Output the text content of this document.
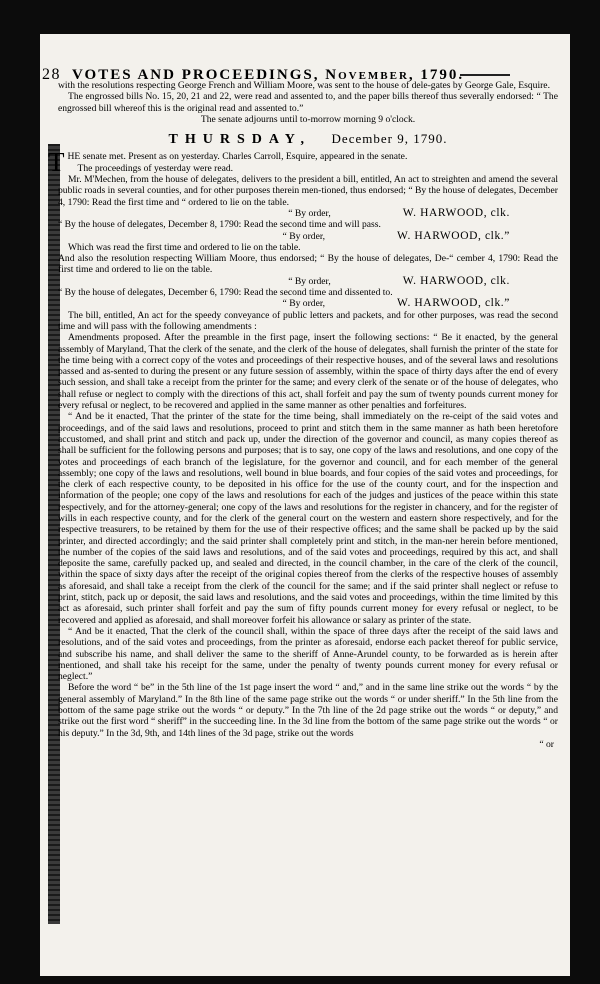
28 VOTES AND PROCEEDINGS, November, 1790.

with the resolutions respecting George French and William Moore, was sent to the house of dele-gates by George Gale, Esquire.

The engrossed bills No. 15, 20, 21 and 22, were read and assented to, and the paper bills thereof thus severally endorsed: “ The engrossed bill whereof this is the original read and assented to.”

The senate adjourns until to-morrow morning 9 o'clock.

THURSDAY, December 9, 1790.

THE senate met. Present as on yesterday. Charles Carroll, Esquire, appeared in the senate.

The proceedings of yesterday were read.

Mr. M'Mechen, from the house of delegates, delivers to the president a bill, entitled, An act to streighten and amend the several public roads in several counties, and for other purposes therein men-tioned, thus endorsed; “ By the house of delegates, December 4, 1790: Read the first time and “ ordered to lie on the table.

“ By order,	W. HARWOOD, clk.

“ By the house of delegates, December 8, 1790: Read the second time and will pass.

“ By order,	W. HARWOOD, clk.”

Which was read the first time and ordered to lie on the table.

And also the resolution respecting William Moore, thus endorsed; “ By the house of delegates, De-“ cember 4, 1790: Read the first time and ordered to lie on the table.

“ By order,	W. HARWOOD, clk.

“ By the house of delegates, December 6, 1790: Read the second time and dissented to.

“ By order,	W. HARWOOD, clk.”

The bill, entitled, An act for the speedy conveyance of public letters and packets, and for other purposes, was read the second time and will pass with the following amendments :

Amendments proposed. After the preamble in the first page, insert the following sections: “ Be it enacted, by the general assembly of Maryland, That the clerk of the senate, and the clerk of the house of delegates, shall furnish the printer of the state for the time being with a correct copy of the votes and proceedings of their respective houses, and of the several laws and resolutions passed and as-sented to during the present or any future session of assembly, within the space of thirty days after the end of every such session, and shall take a receipt from the printer for the same; and every clerk of the senate or of the house of delegates, who shall refuse or neglect to comply with the directions of this act, shall forfeit and pay the sum of twenty pounds current money for every refusal or neglect, to be recovered and applied in the same manner as other penalties and forfeitures.

“ And be it enacted, That the printer of the state for the time being, shall immediately on the re-ceipt of the said votes and proceedings, and of the said laws and resolutions, proceed to print and stitch them in the same manner as hath been heretofore accustomed, and shall print and stitch and pack up, under the direction of the governor and council, as many copies thereof as shall be sufficient for the following persons and purposes; that is to say, one copy of the laws and resolutions, and one copy of the votes and proceedings of each branch of the legislature, for the governor and council, and for each member of the general assembly; one copy of the laws and resolutions, well bound in blue boards, and four copies of the said votes and proceedings, for the clerk of each respective county, to be deposited in his office for the use of the county court, and for the inspection and information of the people; one copy of the laws and resolutions for each of the judges and justices of the peace within this state respectively, and for the attorney-general; one copy of the laws and resolutions for the register in chancery, and for the register of wills in each respective county, and for the clerk of the general court on the western and eastern shore respectively, and for the respective treasurers, to be retained by them for the use of their respective offices; and the same shall be packed up by the said printer, and directed accordingly; and the said printer shall completely print and stitch, in the man-ner herein before mentioned, the number of the copies of the said laws and resolutions, and of the said votes and proceedings, required by this act, and shall deposite the same, carefully packed up, and sealed and directed, in the council chamber, in the care of the clerk of the council, within the space of sixty days after the receipt of the original copies thereof from the clerks of the respective houses of assembly as aforesaid, and shall take a receipt from the clerk of the council for the same; and if the said printer shall neglect or refuse to print, stitch, pack up or deposit, the said laws and resolutions, and the said votes and proceedings, within the time limited by this act as aforesaid, such printer shall forfeit and pay the sum of fifty pounds current money for every refusal or neglect, to be recovered and applied as aforesaid, and shall moreover forfeit his allowance or salary as printer of the state.

“ And be it enacted, That the clerk of the council shall, within the space of three days after the receipt of the said laws and resolutions, and of the said votes and proceedings, from the printer as aforesaid, endorse each packet thereof for public service, and subscribe his name, and shall deliver the same to the sheriff of Anne-Arundel county, to be forwarded as is herein after mentioned, and shall take his receipt for the same, under the penalty of twenty pounds current money for every refusal or neglect.”

Before the word “ be” in the 5th line of the 1st page insert the word “ and,” and in the same line strike out the words “ by the general assembly of Maryland.” In the 8th line of the same page strike out the words “ or under sheriff.” In the 5th line from the bottom of the same page strike out the words “ or deputy.” In the 7th line of the 2d page strike out the words “ or deputy,” and strike out the first word “ sheriff” in the succeeding line. In the 3d line from the bottom of the same page strike out the words “ or his deputy.” In the 3d, 9th, and 14th lines of the 3d page, strike out the words

“ or
